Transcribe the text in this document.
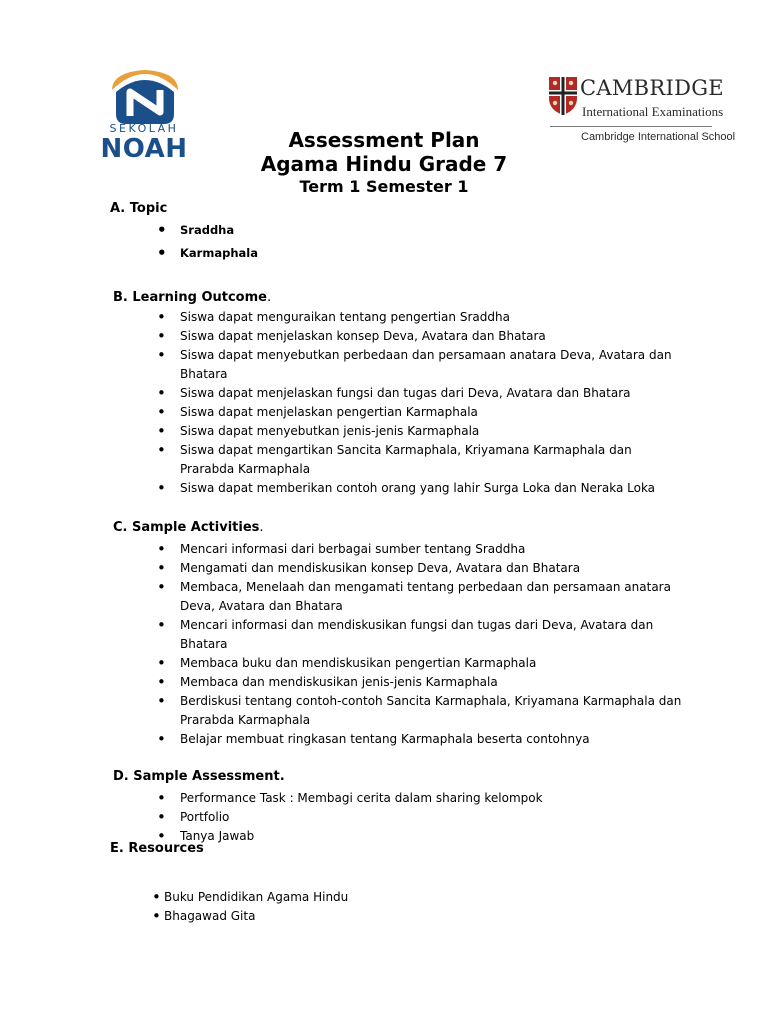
SEKOLAH
NOAH
CAMBRIDGE
International Examinations
Cambridge International School
Assessment Plan
Agama Hindu Grade 7
Term 1 Semester 1
A. Topic
• Sraddha
• Karmaphala
B. Learning Outcome.
• Siswa dapat menguraikan tentang pengertian Sraddha
• Siswa dapat menjelaskan konsep Deva, Avatara dan Bhatara
• Siswa dapat menyebutkan perbedaan dan persamaan anatara Deva, Avatara dan Bhatara
• Siswa dapat menjelaskan fungsi dan tugas dari Deva, Avatara dan Bhatara
• Siswa dapat menjelaskan pengertian Karmaphala
• Siswa dapat menyebutkan jenis-jenis Karmaphala
• Siswa dapat mengartikan Sancita Karmaphala, Kriyamana Karmaphala dan Prarabda Karmaphala
• Siswa dapat memberikan contoh orang yang lahir Surga Loka dan Neraka Loka
C. Sample Activities.
• Mencari informasi dari berbagai sumber tentang Sraddha
• Mengamati dan mendiskusikan konsep Deva, Avatara dan Bhatara
• Membaca, Menelaah dan mengamati tentang perbedaan dan persamaan anatara Deva, Avatara dan Bhatara
• Mencari informasi dan mendiskusikan fungsi dan tugas dari Deva, Avatara dan Bhatara
• Membaca buku dan mendiskusikan pengertian Karmaphala
• Membaca dan mendiskusikan jenis-jenis Karmaphala
• Berdiskusi tentang contoh-contoh Sancita Karmaphala, Kriyamana Karmaphala dan Prarabda Karmaphala
• Belajar membuat ringkasan tentang Karmaphala beserta contohnya
D. Sample Assessment.
• Performance Task : Membagi cerita dalam sharing kelompok
• Portfolio
• Tanya Jawab
E. Resources
• Buku Pendidikan Agama Hindu
• Bhagawad Gita
